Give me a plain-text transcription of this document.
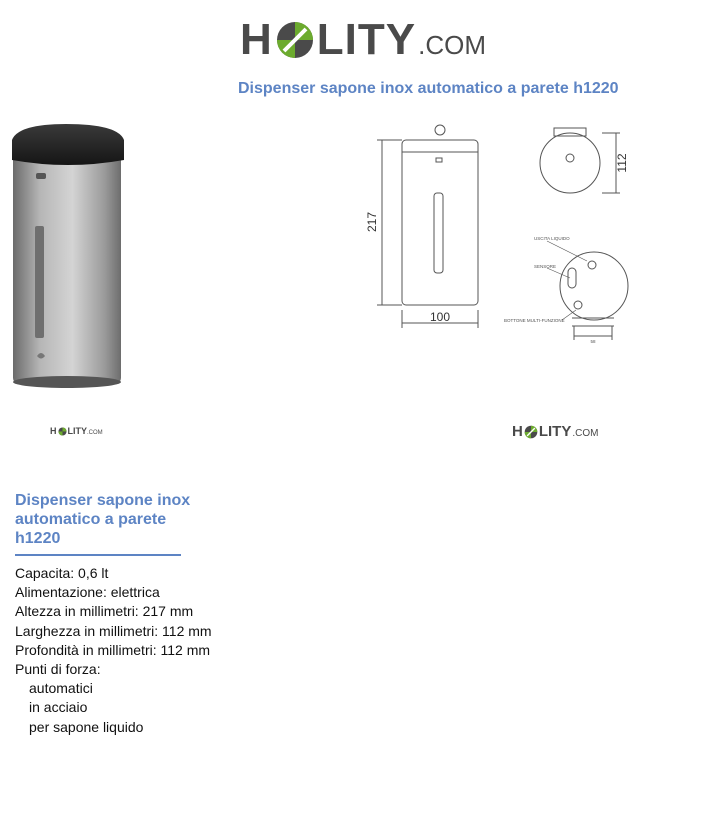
H LITY .COM
Dispenser sapone inox automatico a parete h1220
217
100
112
58
USCITA LIQUIDO
SENSORE
BOTTONE MULTI-FUNZIONE
H LITY .COM	H LITY .COM
Dispenser sapone inox automatico a parete h1220
Capacita: 0,6 lt
Alimentazione: elettrica
Altezza in millimetri: 217 mm
Larghezza in millimetri: 112 mm
Profondità in millimetri: 112 mm
Punti di forza:
automatici
in acciaio
per sapone liquido
